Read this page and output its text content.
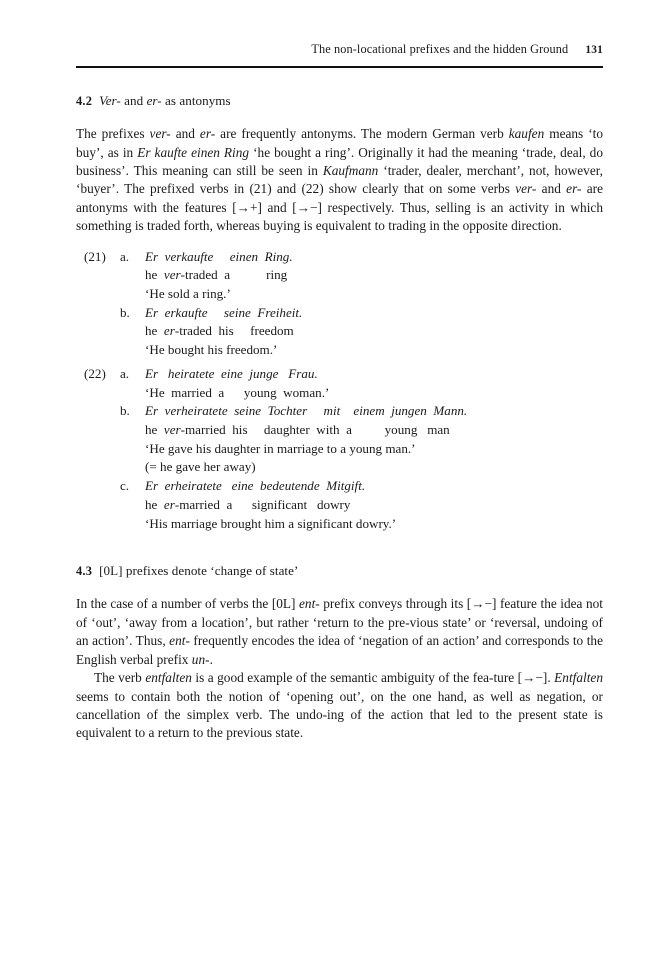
The non-locational prefixes and the hidden Ground 131
4.2 Ver- and er- as antonyms

The prefixes ver- and er- are frequently antonyms. The modern German verb kaufen means ‘to buy’, as in Er kaufte einen Ring ‘he bought a ring’. Originally it had the meaning ‘trade, deal, do business’. This meaning can still be seen in Kaufmann ‘trader, dealer, merchant’, not, however, ‘buyer’. The prefixed verbs in (21) and (22) show clearly that on some verbs ver- and er- are antonyms with the features [→+] and [→−] respectively. Thus, selling is an activity in which something is traded forth, whereas buying is equivalent to trading in the opposite direction.

(21)	a.	Er  verkaufte     einen  Ring.
he  ver-traded  a           ring
‘He sold a ring.’
b.	Er  erkaufte     seine  Freiheit.
he  er-traded  his     freedom
‘He bought his freedom.’
(22)	a.	Er   heiratete  eine  junge   Frau.
‘He  married  a      young  woman.’
b.	Er  verheiratete  seine  Tochter     mit    einem  jungen  Mann.
he  ver-married  his     daughter  with  a          young   man
‘He gave his daughter in marriage to a young man.’
(= he gave her away)
c.	Er  erheiratete   eine  bedeutende  Mitgift.
he  er-married  a      significant   dowry
‘His marriage brought him a significant dowry.’
4.3 [0L] prefixes denote ‘change of state’

In the case of a number of verbs the [0L] ent- prefix conveys through its [→−] feature the idea not of ‘out’, ‘away from a location’, but rather ‘return to the pre-vious state’ or ‘reversal, undoing of an action’. Thus, ent- frequently encodes the idea of ‘negation of an action’ and corresponds to the English verbal prefix un-.

The verb entfalten is a good example of the semantic ambiguity of the fea-ture [→−]. Entfalten seems to contain both the notion of ‘opening out’, on the one hand, as well as negation, or cancellation of the simplex verb. The undo-ing of the action that led to the present state is equivalent to a return to the previous state.
